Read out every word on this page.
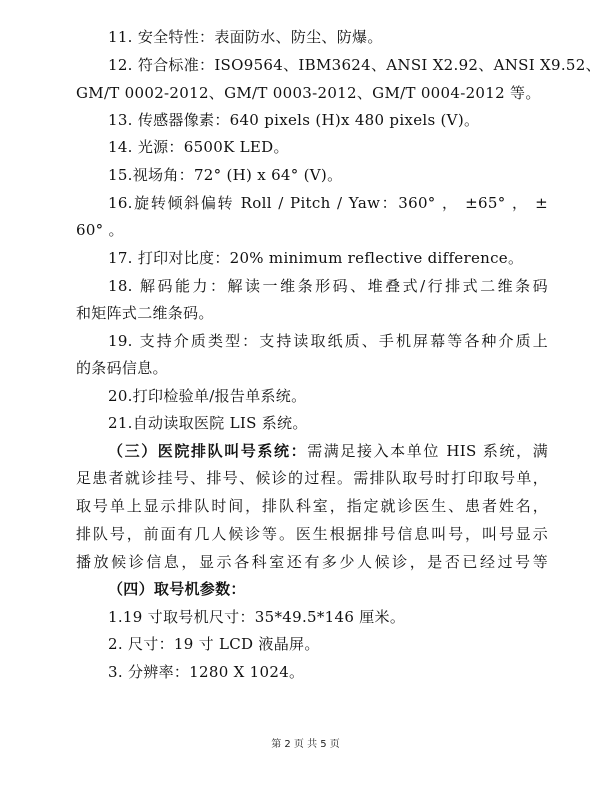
11. 安全特性：表面防水、防尘、防爆。
12. 符合标准：ISO9564、IBM3624、ANSI X2.92、ANSI X9.52、
GM/T 0002-2012、GM/T 0003-2012、GM/T 0004-2012 等。
13. 传感器像素：640 pixels (H)x 480 pixels (V)。
14. 光源：6500K LED。
15.视场角：72° (H) x 64° (V)。
16.旋转倾斜偏转 Roll / Pitch / Yaw：360° ， ±65° ， ±
60° 。
17. 打印对比度：20% minimum reflective difference。
18. 解码能力：解读一维条形码、堆叠式/行排式二维条码
和矩阵式二维条码。
19. 支持介质类型：支持读取纸质、手机屏幕等各种介质上
的条码信息。
20.打印检验单/报告单系统。
21.自动读取医院 LIS 系统。
（三）医院排队叫号系统：需满足接入本单位 HIS 系统，满
足患者就诊挂号、排号、候诊的过程。需排队取号时打印取号单，
取号单上显示排队时间，排队科室，指定就诊医生、患者姓名，
排队号，前面有几人候诊等。医生根据排号信息叫号，叫号显示
播放候诊信息，显示各科室还有多少人候诊，是否已经过号等
（四）取号机参数：
1.19 寸取号机尺寸：35*49.5*146 厘米。
2. 尺寸：19 寸 LCD 液晶屏。
3. 分辨率：1280 X 1024。
第 2 页 共 5 页
